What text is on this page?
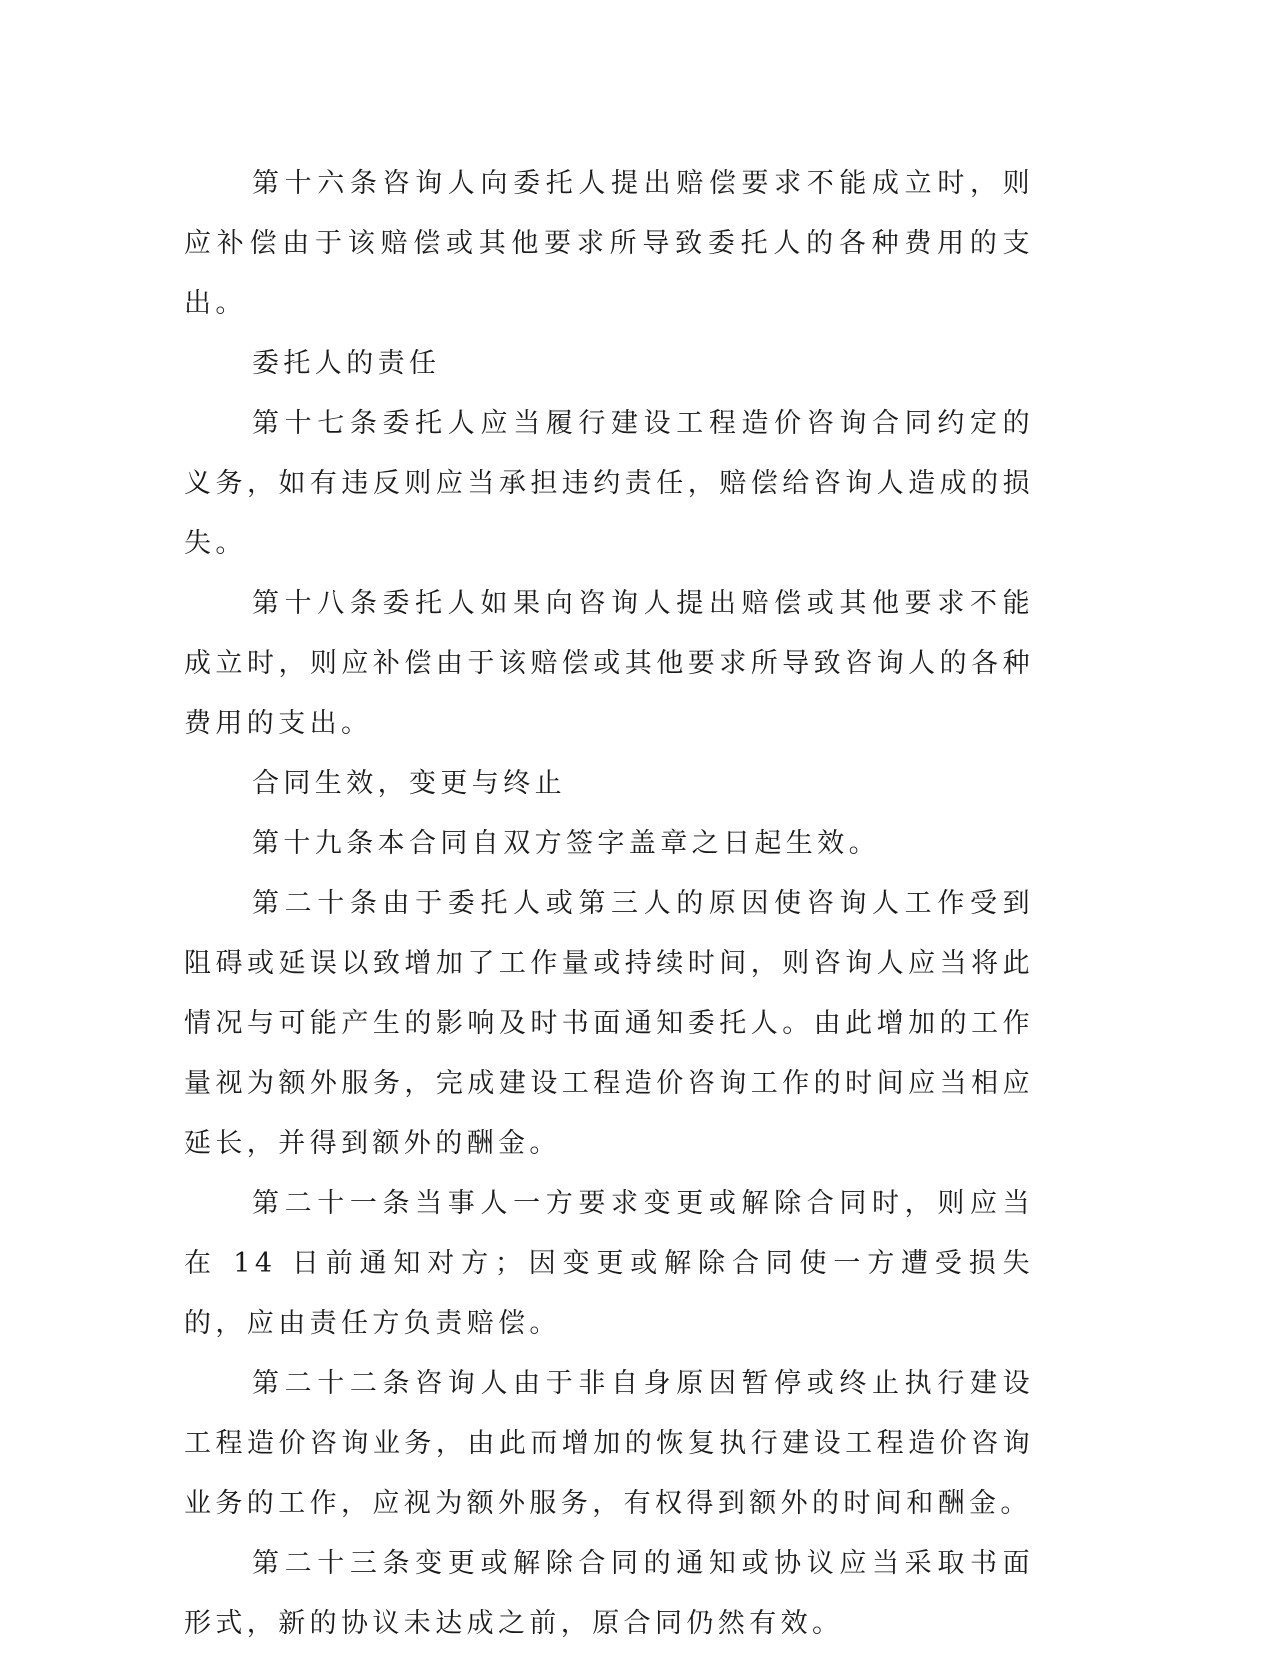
第十六条咨询人向委托人提出赔偿要求不能成立时，则应补偿由于该赔偿或其他要求所导致委托人的各种费用的支出。

委托人的责任

第十七条委托人应当履行建设工程造价咨询合同约定的义务，如有违反则应当承担违约责任，赔偿给咨询人造成的损失。

第十八条委托人如果向咨询人提出赔偿或其他要求不能成立时，则应补偿由于该赔偿或其他要求所导致咨询人的各种费用的支出。

合同生效，变更与终止

第十九条本合同自双方签字盖章之日起生效。

第二十条由于委托人或第三人的原因使咨询人工作受到阻碍或延误以致增加了工作量或持续时间，则咨询人应当将此情况与可能产生的影响及时书面通知委托人。由此增加的工作量视为额外服务，完成建设工程造价咨询工作的时间应当相应延长，并得到额外的酬金。

第二十一条当事人一方要求变更或解除合同时，则应当在 14 日前通知对方；因变更或解除合同使一方遭受损失的，应由责任方负责赔偿。

第二十二条咨询人由于非自身原因暂停或终止执行建设工程造价咨询业务，由此而增加的恢复执行建设工程造价咨询业务的工作，应视为额外服务，有权得到额外的时间和酬金。

第二十三条变更或解除合同的通知或协议应当采取书面形式，新的协议未达成之前，原合同仍然有效。
